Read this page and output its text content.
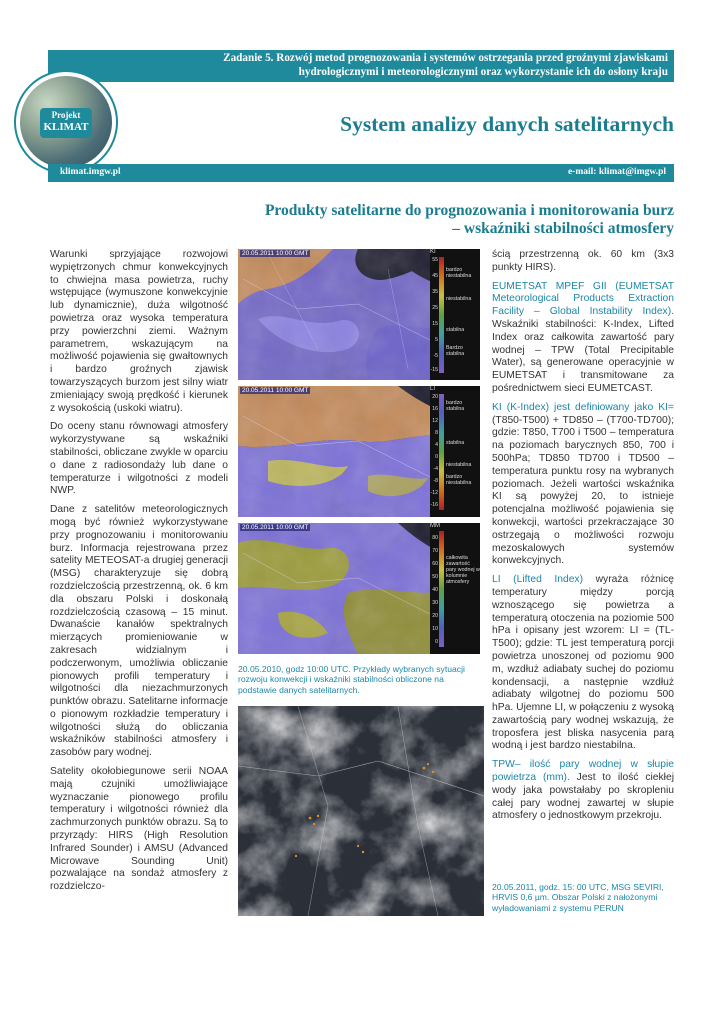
Zadanie 5. Rozwój metod prognozowania i systemów ostrzegania przed groźnymi zjawiskami
hydrologicznymi i meteorologicznymi oraz wykorzystanie ich do osłony kraju
Projekt
KLIMAT	System analizy danych satelitarnych
klimat.imgw.pl	e-mail: klimat@imgw.pl
Produkty satelitarne do prognozowania i monitorowania burz
– wskaźniki stabilności atmosfery

Warunki sprzyjające rozwojowi wypiętrzonych chmur konwekcyjnych to chwiejna masa powietrza, ruchy wstępujące (wymuszone konwekcyjnie lub dynamicznie), duża wilgotność powietrza oraz wysoka temperatura przy powierzchni ziemi. Ważnym parametrem, wskazującym na możliwość pojawienia się gwałtownych i bardzo groźnych zjawisk towarzyszących burzom jest silny wiatr zmieniający swoją prędkość i kierunek z wysokością (uskoki wiatru).

Do oceny stanu równowagi atmosfery wykorzystywane są wskaźniki stabilności, obliczane zwykle w oparciu o dane z radiosondaży lub dane o temperaturze i wilgotności z modeli NWP.

Dane z satelitów meteorologicznych mogą być również wykorzystywane przy prognozowaniu i monitorowaniu burz. Informacja rejestrowana przez satelity METEOSAT-a drugiej generacji (MSG) charakteryzuje się dobrą rozdzielczością przestrzenną, ok. 6 km dla obszaru Polski i doskonałą rozdzielczością czasową – 15 minut. Dwanaście kanałów spektralnych mierzących promieniowanie w zakresach widzialnym i podczerwonym, umożliwia obliczanie pionowych profili temperatury i wilgotności dla niezachmurzonych punktów obrazu. Satelitarne informacje o pionowym rozkładzie temperatury i wilgotności służą do obliczania wskaźników stabilności atmosfery i zasobów pary wodnej.

Satelity okołobiegunowe serii NOAA mają czujniki umożliwiające wyznaczanie pionowego profilu temperatury i wilgotności również dla zachmurzonych punktów obrazu. Są to przyrządy: HIRS (High Resolution Infrared Sounder) i AMSU (Advanced Microwave Sounding Unit) pozwalające na sondaż atmosfery z rozdzielczo-

20.05.2011 10:00 GMT
20.05.2011 10:00 GMT
20.05.2011 10:00 GMT
KI
55
45
35
25
15
5
-5
-15
bardzo niestabilna
niestabilna
stabilna
Bardzo stabilna
LI
20
16
12
8
4
0
-4
-8
-12
-16
bardzo stabilna
stabilna
niestabilna
bardzo niestabilna
MM
80
70
60
50
40
30
20
10
0
całkowita zawartość pary wodnej w kolumnie atmosfery
20.05.2010, godz 10:00 UTC. Przykłady wybranych sytuacji rozwoju konwekcji i wskaźniki stabilności obliczone na podstawie danych satelitarnych.

ścią przestrzenną ok. 60 km (3x3 punkty HIRS).

EUMETSAT MPEF GII (EUMETSAT Meteorological Products Extraction Facility – Global Instability Index). Wskaźniki stabilności: K-Index, Lifted Index oraz całkowita zawartość pary wodnej – TPW (Total Precipitable Water), są generowane operacyjnie w EUMETSAT i transmitowane za pośrednictwem sieci EUMETCAST.

KI (K-Index) jest definiowany jako KI=(T850-T500) + TD850 – (T700-TD700); gdzie: T850, T700 i T500 – temperatura na poziomach barycznych 850, 700 i 500hPa; TD850 TD700 i TD500 – temperatura punktu rosy na wybranych poziomach. Jeżeli wartości wskaźnika KI są powyżej 20, to istnieje potencjalna możliwość pojawienia się konwekcji, wartości przekraczające 30 ostrzegają o możliwości rozwoju mezoskalowych systemów konwekcyjnych.

LI (Lifted Index) wyraża różnicę temperatury między porcją wznoszącego się powietrza a temperaturą otoczenia na poziomie 500 hPa i opisany jest wzorem: LI = (TL-T500); gdzie: TL jest temperaturą porcji powietrza unoszonej od poziomu 900 m, wzdłuż adiabaty suchej do poziomu kondensacji, a następnie wzdłuż adiabaty wilgotnej do poziomu 500 hPa. Ujemne LI, w połączeniu z wysoką zawartością pary wodnej wskazują, że troposfera jest bliska nasycenia parą wodną i jest bardzo niestabilna.

TPW– ilość pary wodnej w słupie powietrza (mm). Jest to ilość ciekłej wody jaka powstałaby po skropleniu całej pary wodnej zawartej w słupie atmosfery o jednostkowym przekroju.

20.05.2011, godz. 15: 00 UTC, MSG SEVIRI, HRVIS 0,6 µm. Obszar Polski z nałożonymi wyładowaniami z systemu PERUN
